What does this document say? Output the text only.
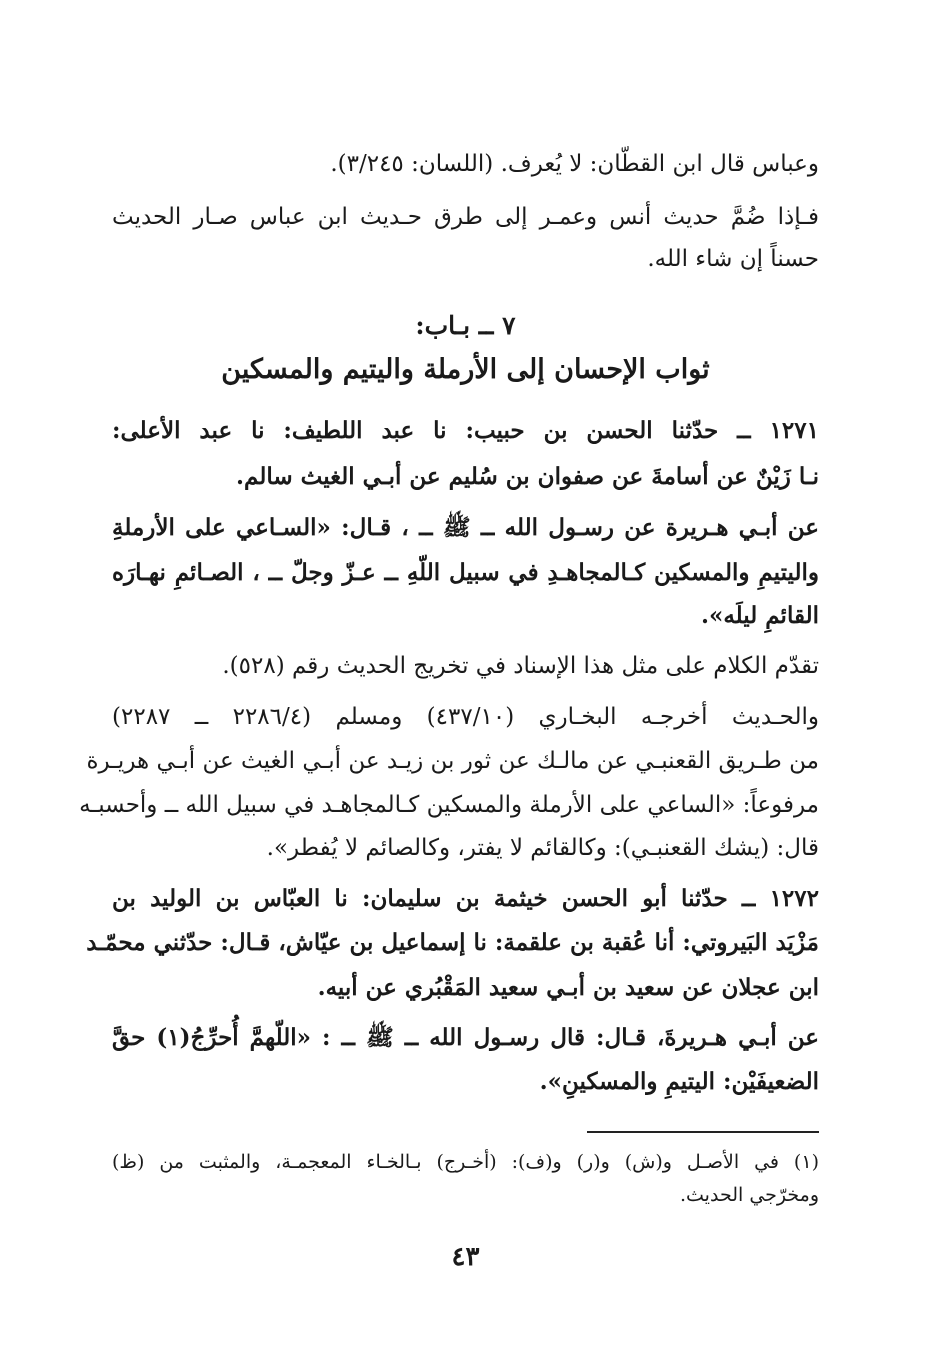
وعباس قال ابن القطّان: لا يُعرف. (اللسان: ٣/٢٤٥).
فـإذا ضُمَّ حديث أنس وعمـر إلى طرق حـديث ابن عباس صـار الحديث
حسناً إن شاء الله.
٧ ــ بـاب:
ثواب الإحسان إلى الأرملة واليتيم والمسكين
١٢٧١ ــ حدّثنا الحسن بن حبيب: نا عبد اللطيف: نا عبد الأعلى:
نـا زَيْنٌ عن أسامةَ عن صفوان بن سُليم عن أبـي الغيث سالم.
عن أبـي هـريرة عن رسـول الله ــ ﷺ ــ ، قـال: «السـاعي على الأرملةِ
واليتيمِ والمسكين كـالمجاهـدِ في سبيل اللّهِ ــ عـزّ وجلّ ــ ، الصـائمِ نهـارَه
القائمِ ليلَه».
تقدّم الكلام على مثل هذا الإسناد في تخريج الحديث رقم (٥٢٨).
والحـديث أخرجـه البخـاري (٤٣٧/١٠) ومسلم (٢٢٨٦/٤ ــ ٢٢٨٧)
من طـريق القعنبـي عن مالـك عن ثور بن زيـد عن أبـي الغيث عن أبـي هريـرة
مرفوعاً: «الساعي على الأرملة والمسكين كـالمجاهـد في سبيل الله ــ وأحسبـه
قال: (يشك القعنبـي): وكالقائم لا يفتر، وكالصائم لا يُفطر».
١٢٧٢ ــ حدّثنا أبو الحسن خيثمة بن سليمان: نا العبّاس بن الوليد بن
مَزْيَد البَيروتي: أنا عُقبة بن علقمة: نا إسماعيل بن عيّاش، قـال: حدّثني محمّـد
ابن عجلان عن سعيد بن أبـي سعيد المَقْبُري عن أبيه.
عن أبـي هـريرةَ، قـال: قال رسـول الله ــ ﷺ ــ : «اللّهمَّ أُحرِّجُ(١) حقَّ
الضعيفَيْن: اليتيمِ والمسكينِ».
(١) في الأصـل و(ش) و(ر) و(ف): (أخـرج) بـالخـاء المعجمـة، والمثبت من (ظ)
ومخرّجي الحديث.
٤٣
